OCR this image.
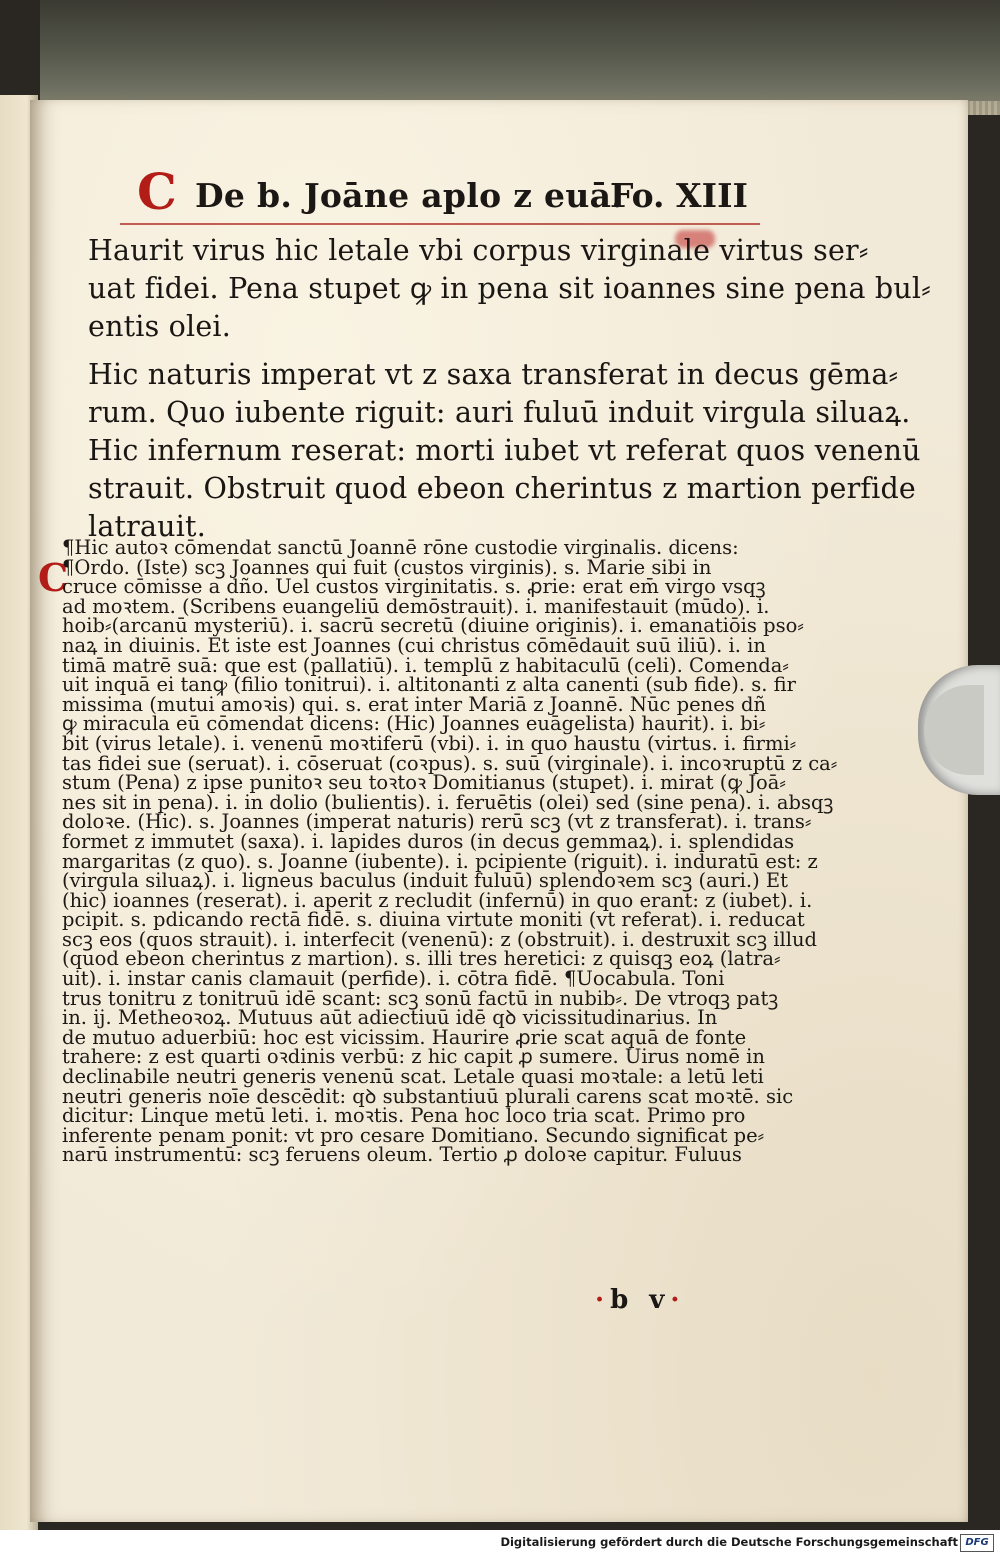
C De b. Joāne aplo z euā.
Fo. XIII
Haurit virus hic letale vbi corpus virginale virtus ser⸗
uat fidei. Pena stupet ꝙ in pena sit ioannes sine pena bul⸗
entis olei.
Hic naturis imperat vt z saxa transferat in decus gēma⸗
rum. Quo iubente riguit: auri fuluū induit virgula siluaꝝ.
Hic infernum reserat: morti iubet vt referat quos venenū
strauit. Obstruit quod ebeon cherintus z martion perfide
latrauit.
C
¶Hic autoꝛ cōmendat sanctū Joannē rōne custodie virginalis. dicens:
¶Ordo. (Iste) scꝫ Joannes qui fuit (custos virginis). s. Marie sibi in
cruce cōmisse a dño. Uel custos virginitatis. s. ꝓrie: erat em̄ virgo vsqꝫ
ad moꝛtem. (Scribens euangeliū demōstrauit). i. manifestauit (mūdo). i.
hoib⸗(arcanū mysteriū). i. sacrū secretū (diuine originis). i. emanatiōis pso⸗
naꝝ in diuinis. Et iste est Joannes (cui christus cōmēdauit suū iliū). i. in
timā matrē suā: que est (pallatiū). i. templū z habitaculū (celi). Comenda⸗
uit inquā ei tanꝙ (filio tonitrui). i. altitonanti z alta canenti (sub fide). s. fir
missima (mutui amoꝛis) qui. s. erat inter Mariā z Joannē. Nūc penes dñ
ꝙ miracula eū cōmendat dicens: (Hic) Joannes euāgelista) haurit). i. bi⸗
bit (virus letale). i. venenū moꝛtiferū (vbi). i. in quo haustu (virtus. i. firmi⸗
tas fidei sue (seruat). i. cōseruat (coꝛpus). s. suū (virginale). i. incoꝛruptū z ca⸗
stum (Pena) z ipse punitoꝛ seu toꝛtoꝛ Domitianus (stupet). i. mirat (ꝙ Joā⸗
nes sit in pena). i. in dolio (bulientis). i. feruētis (olei) sed (sine pena). i. absqꝫ
doloꝛe. (Hic). s. Joannes (imperat naturis) rerū scꝫ (vt z transferat). i. trans⸗
formet z immutet (saxa). i. lapides duros (in decus gemmaꝝ). i. splendidas
margaritas (z quo). s. Joanne (iubente). i. pcipiente (riguit). i. induratū est: z
(virgula siluaꝝ). i. ligneus baculus (induit fuluū) splendoꝛem scꝫ (auri.) Et
(hic) ioannes (reserat). i. aperit z recludit (infernū) in quo erant: z (iubet). i.
pcipit. s. pdicando rectā fidē. s. diuina virtute moniti (vt referat). i. reducat
scꝫ eos (quos strauit). i. interfecit (venenū): z (obstruit). i. destruxit scꝫ illud
(quod ebeon cherintus z martion). s. illi tres heretici: z quisqꝫ eoꝝ (latra⸗
uit). i. instar canis clamauit (perfide). i. cōtra fidē. ¶Uocabula. Toni
trus tonitru z tonitruū idē scant: scꝫ sonū factū in nubib⸗. De vtroqꝫ patꝫ
in. ij. Metheoꝛoꝝ. Mutuus aūt adiectiuū idē qꝺ vicissitudinarius. In
de mutuo aduerbiū: hoc est vicissim. Haurire ꝓrie scat aquā de fonte
trahere: z est quarti oꝛdinis verbū: z hic capit ꝓ sumere. Uirus nomē in
declinabile neutri generis venenū scat. Letale quasi moꝛtale: a letū leti
neutri generis noīe descēdit: qꝺ substantiuū plurali carens scat moꝛtē. sic
dicitur: Linque metū leti. i. moꝛtis. Pena hoc loco tria scat. Primo pro
inferente penam ponit: vt pro cesare Domitiano. Secundo significat pe⸗
narū instrumentū: scꝫ feruens oleum. Tertio ꝓ doloꝛe capitur. Fuluus
·b v·
Digitalisierung gefördert durch die Deutsche Forschungsgemeinschaft DFG
